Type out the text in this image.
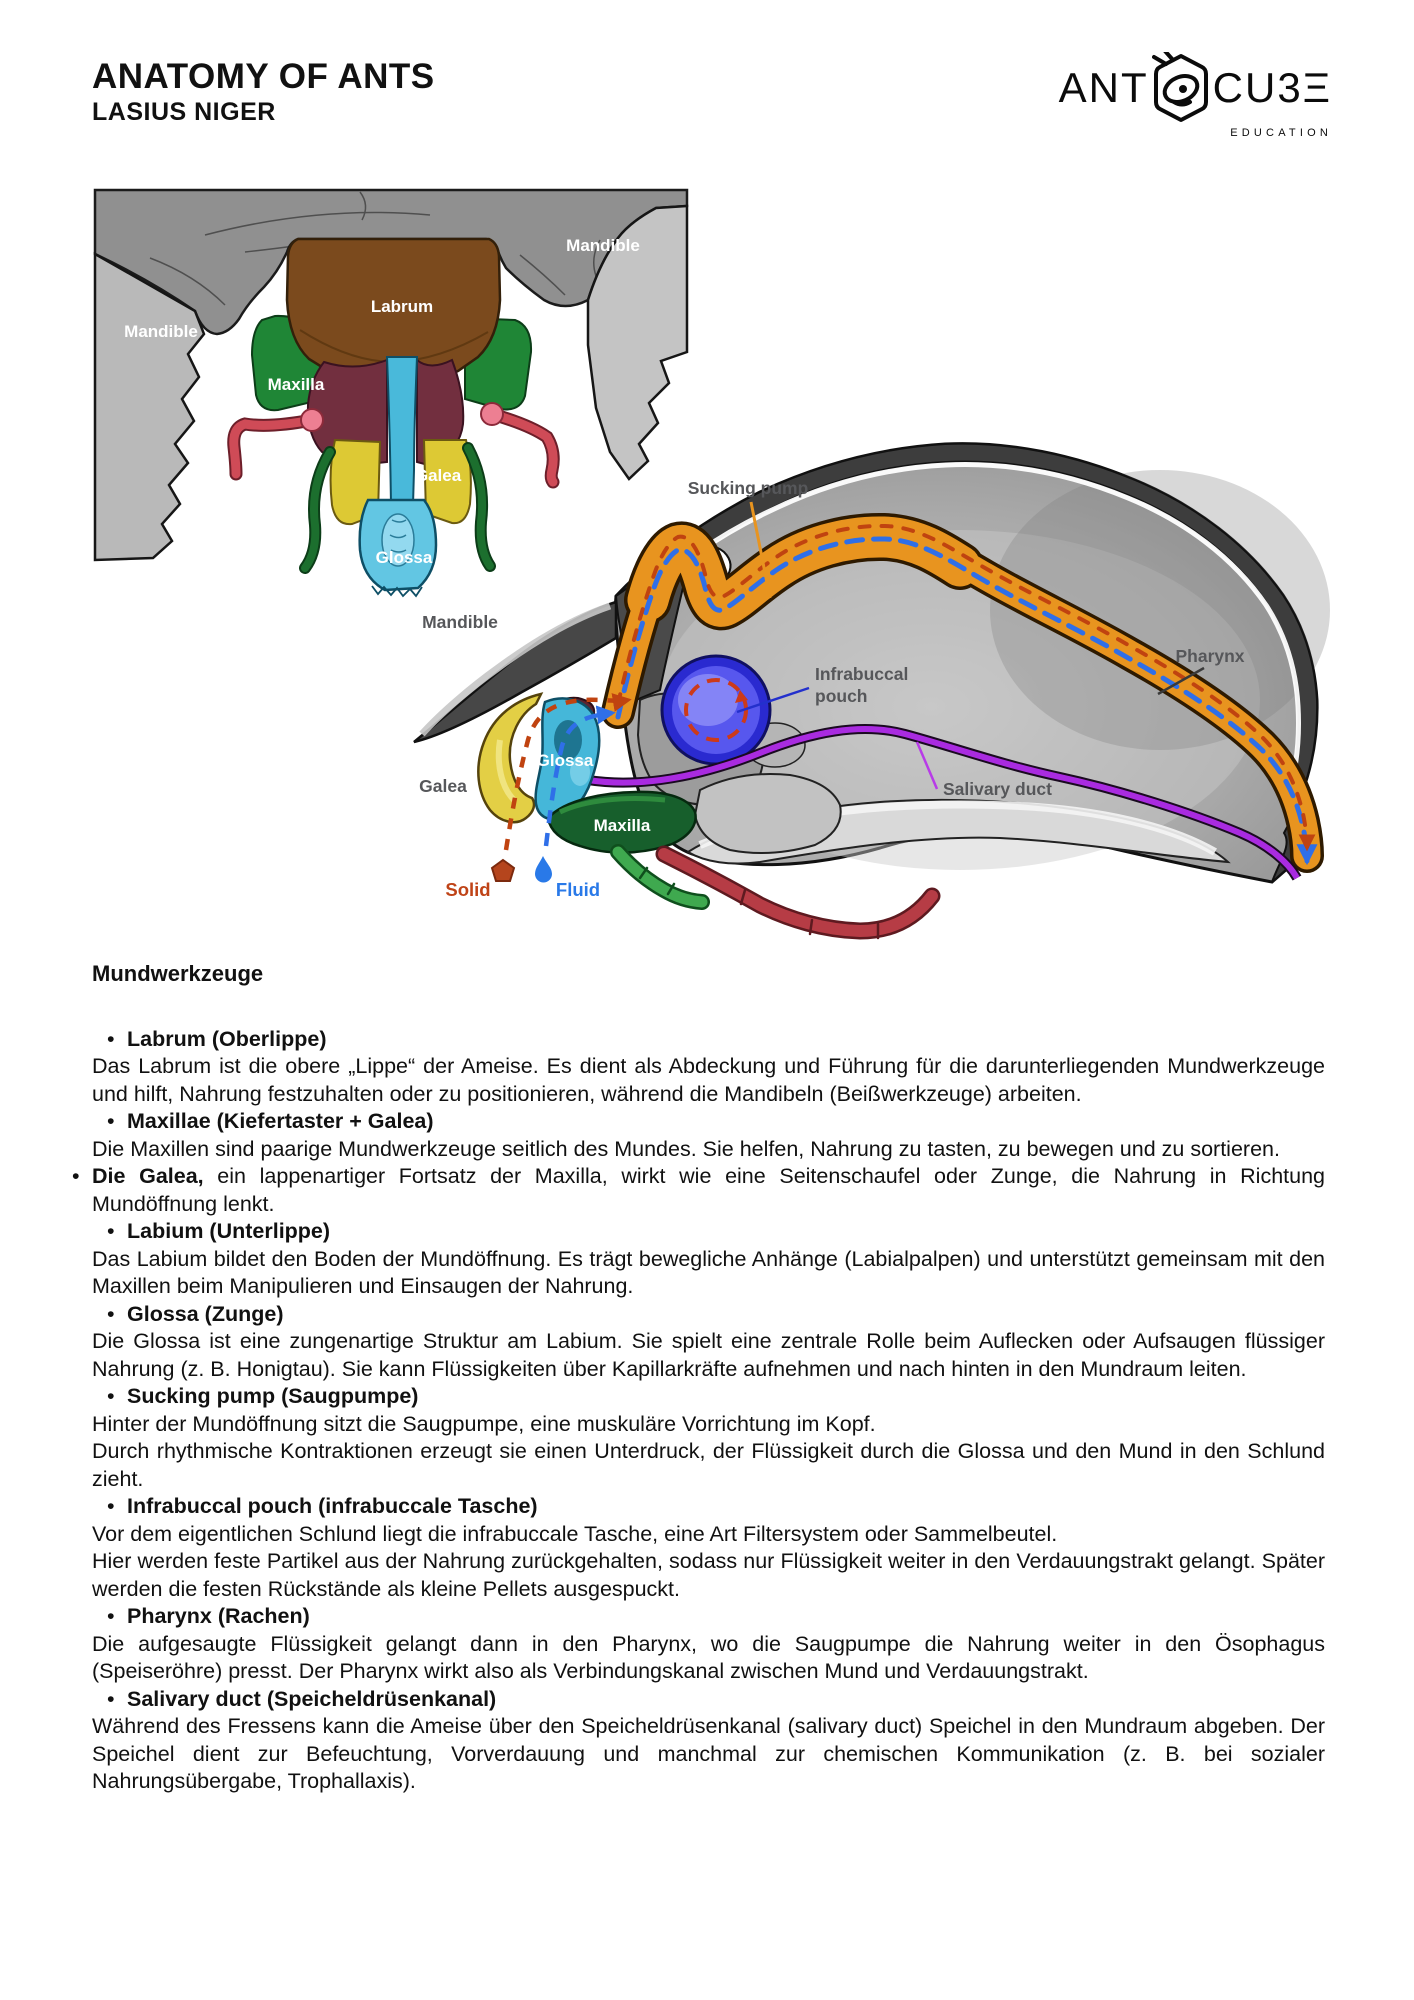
ANATOMY OF ANTS
LASIUS NIGER
ANT CU3Ξ
EDUCATION
Mandible
Mandible
Labrum
Maxilla
Galea
Glossa
Mandible
Sucking pump
Pharynx
Infrabuccal
pouch
Salivary duct
Galea
Glossa
Maxilla
Solid	Fluid
Mundwerkzeuge

• Labrum (Oberlippe)

Das Labrum ist die obere „Lippe“ der Ameise. Es dient als Abdeckung und Führung für die darunterliegenden Mundwerkzeuge und hilft, Nahrung festzuhalten oder zu positionieren, während die Mandibeln (Beißwerkzeuge) arbeiten.

• Maxillae (Kiefertaster + Galea)

Die Maxillen sind paarige Mundwerkzeuge seitlich des Mundes. Sie helfen, Nahrung zu tasten, zu bewegen und zu sortieren.

• Die Galea, ein lappenartiger Fortsatz der Maxilla, wirkt wie eine Seitenschaufel oder Zunge, die Nahrung in Richtung Mundöffnung lenkt.

• Labium (Unterlippe)

Das Labium bildet den Boden der Mundöffnung. Es trägt bewegliche Anhänge (Labialpalpen) und unterstützt gemeinsam mit den Maxillen beim Manipulieren und Einsaugen der Nahrung.

• Glossa (Zunge)

Die Glossa ist eine zungenartige Struktur am Labium. Sie spielt eine zentrale Rolle beim Auflecken oder Aufsaugen flüssiger Nahrung (z. B. Honigtau). Sie kann Flüssigkeiten über Kapillarkräfte aufnehmen und nach hinten in den Mundraum leiten.

• Sucking pump (Saugpumpe)

Hinter der Mundöffnung sitzt die Saugpumpe, eine muskuläre Vorrichtung im Kopf.

Durch rhythmische Kontraktionen erzeugt sie einen Unterdruck, der Flüssigkeit durch die Glossa und den Mund in den Schlund zieht.

• Infrabuccal pouch (infrabuccale Tasche)

Vor dem eigentlichen Schlund liegt die infrabuccale Tasche, eine Art Filtersystem oder Sammelbeutel.

Hier werden feste Partikel aus der Nahrung zurückgehalten, sodass nur Flüssigkeit weiter in den Verdauungstrakt gelangt. Später werden die festen Rückstände als kleine Pellets ausgespuckt.

• Pharynx (Rachen)

Die aufgesaugte Flüssigkeit gelangt dann in den Pharynx, wo die Saugpumpe die Nahrung weiter in den Ösophagus (Speiseröhre) presst. Der Pharynx wirkt also als Verbindungskanal zwischen Mund und Verdauungstrakt.

• Salivary duct (Speicheldrüsenkanal)

Während des Fressens kann die Ameise über den Speicheldrüsenkanal (salivary duct) Speichel in den Mundraum abgeben. Der Speichel dient zur Befeuchtung, Vorverdauung und manchmal zur chemischen Kommunikation (z. B. bei sozialer Nahrungsübergabe, Trophallaxis).
